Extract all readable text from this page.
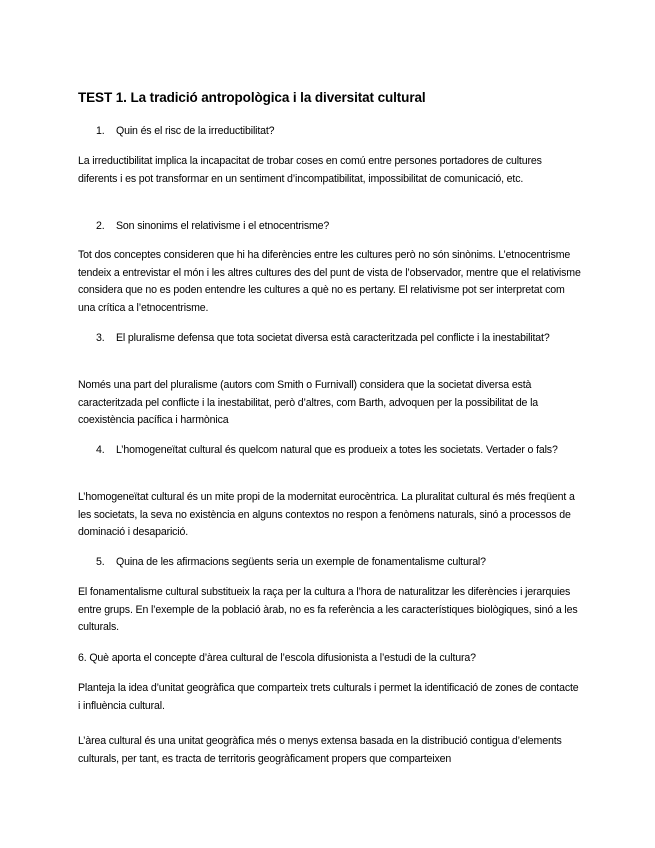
TEST 1. La tradició antropològica i la diversitat cultural
1.	Quin és el risc de la irreductibilitat?
La irreductibilitat implica la incapacitat de trobar coses en comú entre persones portadores de cultures diferents i es pot transformar en un sentiment d’incompatibilitat, impossibilitat de comunicació, etc.
2.	Son sinonims el relativisme i el etnocentrisme?
Tot dos conceptes consideren que hi ha diferències entre les cultures però no són sinònims. L’etnocentrisme tendeix a entrevistar el món i les altres cultures des del punt de vista de l’observador, mentre que el relativisme considera que no es poden entendre les cultures a què no es pertany. El relativisme pot ser interpretat com una crítica a l’etnocentrisme.
3.	El pluralisme defensa que tota societat diversa està caracteritzada pel conflicte i la inestabilitat?
Només una part del pluralisme (autors com Smith o Furnivall) considera que la societat diversa està caracteritzada pel conflicte i la inestabilitat, però d’altres, com Barth, advoquen per la possibilitat de la coexistència pacífica i harmònica
4.	L’homogeneïtat cultural és quelcom natural que es produeix a totes les societats. Vertader o fals?
L’homogeneïtat cultural és un mite propi de la modernitat eurocèntrica. La pluralitat cultural és més freqüent a les societats, la seva no existència en alguns contextos no respon a fenòmens naturals, sinó a processos de dominació i desaparició.
5.	Quina de les afirmacions següents seria un exemple de fonamentalisme cultural?
El fonamentalisme cultural substitueix la raça per la cultura a l’hora de naturalitzar les diferències i jerarquies entre grups. En l’exemple de la població àrab, no es fa referència a les característiques biològiques, sinó a les culturals.
6. Què aporta el concepte d’àrea cultural de l’escola difusionista a l’estudi de la cultura?
Planteja la idea d’unitat geogràfica que comparteix trets culturals i permet la identificació de zones de contacte i influència cultural.
L’àrea cultural és una unitat geogràfica més o menys extensa basada en la distribució contigua d’elements culturals, per tant, es tracta de territoris geogràficament propers que comparteixen
